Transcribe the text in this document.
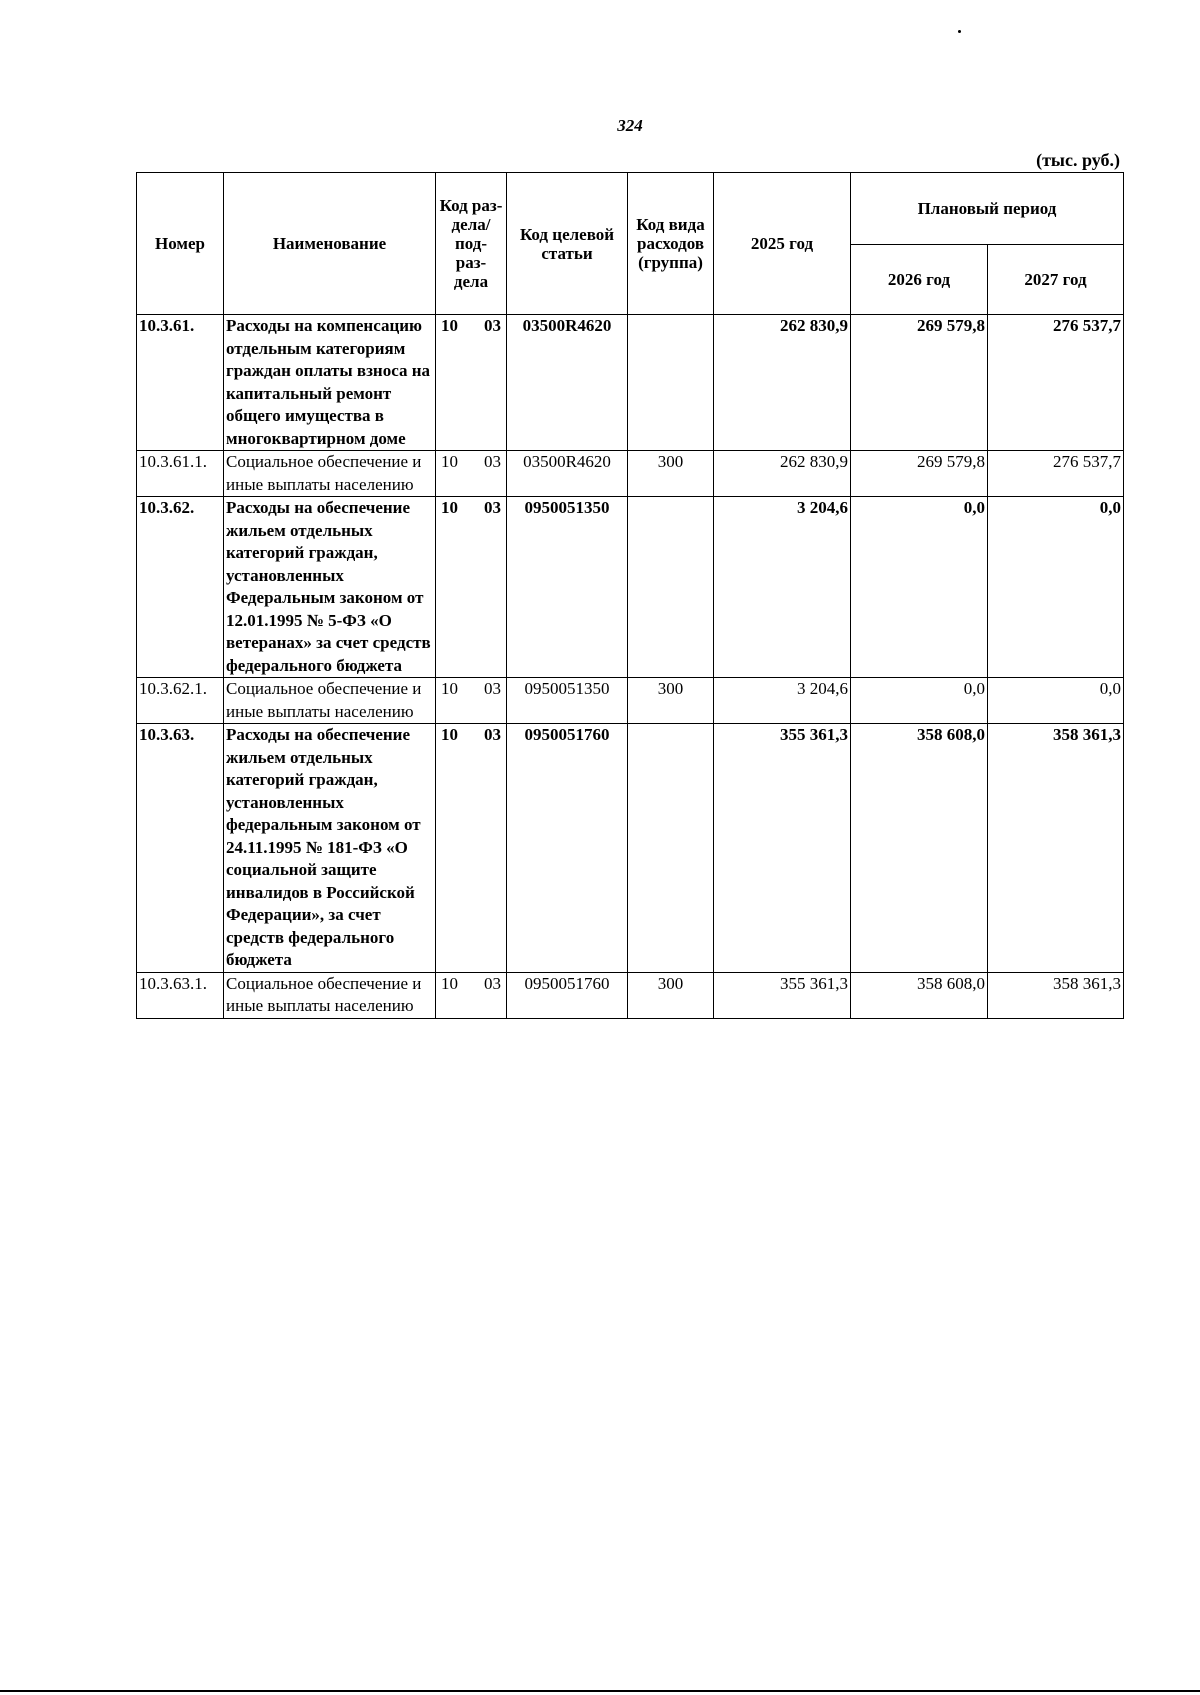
324
(тыс. руб.)
Номер	Наименование	Код раз- дела/ под- раз- дела	Код целевой статьи	Код вида расходов (группа)	2025 год	Плановый период	
						2026 год	2027 год
10.3.61.	Расходы на компенсацию отдельным категориям граждан оплаты взноса на капитальный ремонт общего имущества в многоквартирном доме	10 03	03500R4620		262 830,9	269 579,8	276 537,7
10.3.61.1.	Социальное обеспечение и иные выплаты населению	10 03	03500R4620	300	262 830,9	269 579,8	276 537,7
10.3.62.	Расходы на обеспечение жильем отдельных категорий граждан, установленных Федеральным законом от 12.01.1995 № 5-ФЗ «О ветеранах» за счет средств федерального бюджета	10 03	0950051350		3 204,6	0,0	0,0
10.3.62.1.	Социальное обеспечение и иные выплаты населению	10 03	0950051350	300	3 204,6	0,0	0,0
10.3.63.	Расходы на обеспечение жильем отдельных категорий граждан, установленных федеральным законом от 24.11.1995 № 181-ФЗ «О социальной защите инвалидов в Российской Федерации», за счет средств федерального бюджета	10 03	0950051760		355 361,3	358 608,0	358 361,3
10.3.63.1.	Социальное обеспечение и иные выплаты населению	10 03	0950051760	300	355 361,3	358 608,0	358 361,3
